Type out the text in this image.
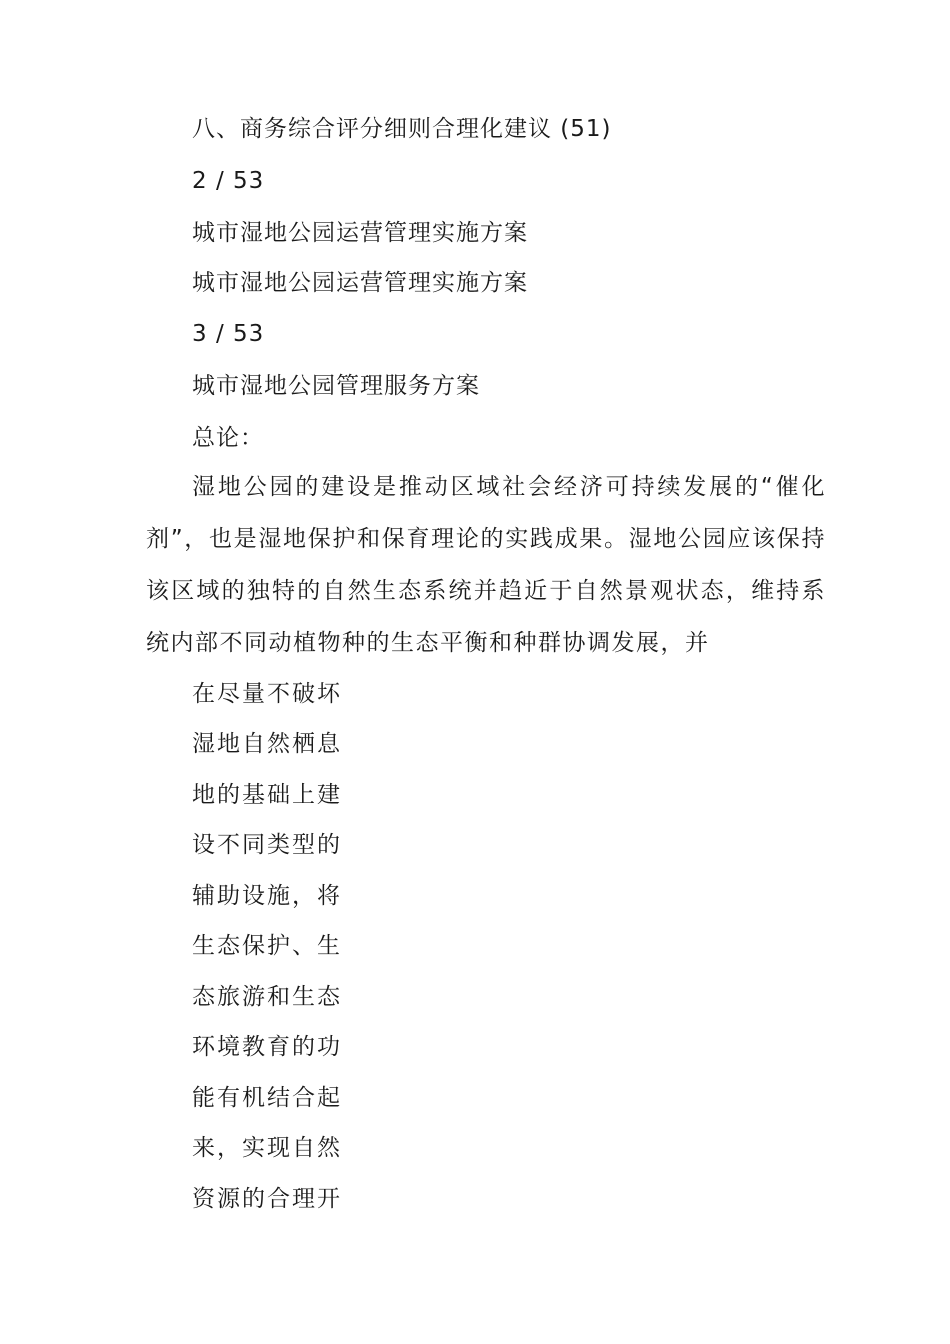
八、商务综合评分细则合理化建议 (51)
2 / 53
城市湿地公园运营管理实施方案
城市湿地公园运营管理实施方案
3 / 53
城市湿地公园管理服务方案
总论：
湿地公园的建设是推动区域社会经济可持续发展的“催化剂”，也是湿地保护和保育理论的实践成果。湿地公园应该保持该区域的独特的自然生态系统并趋近于自然景观状态，维持系统内部不同动植物种的生态平衡和种群协调发展，并
在尽量不破坏
湿地自然栖息
地的基础上建
设不同类型的
辅助设施，将
生态保护、生
态旅游和生态
环境教育的功
能有机结合起
来，实现自然
资源的合理开
